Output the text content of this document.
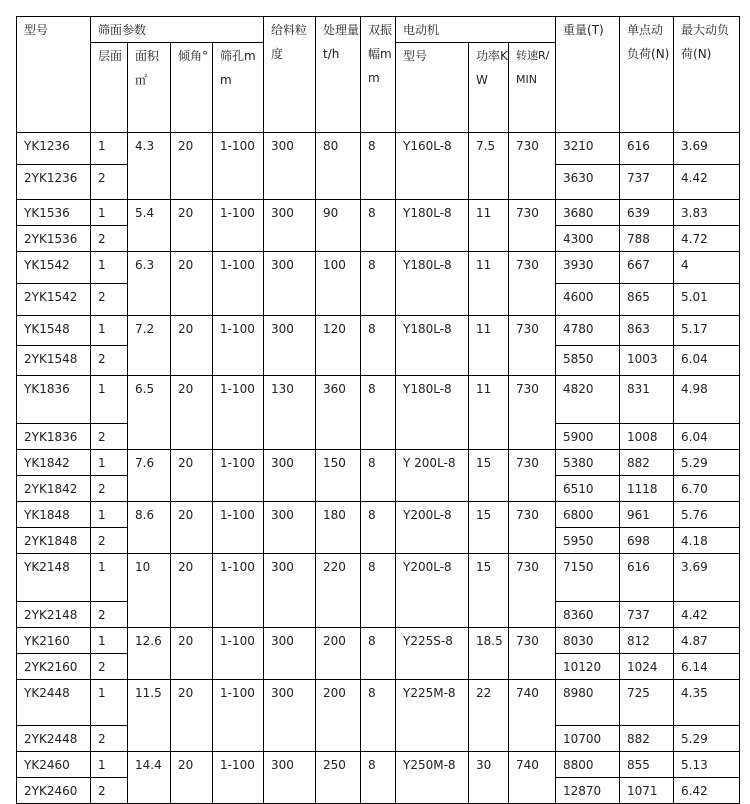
型号	筛面参数				给料粒度	处理量t/h	双振幅mm	电动机			重量(T)	单点动负荷(N)	最大动负荷(N)
	层面	面积㎡	倾角°	筛孔mm				型号	功率KW	转速R/MIN			
YK1236	1	4.3	20	1-100	300	80	8	Y160L-8	7.5	730	3210	616	3.69
2YK1236	2										3630	737	4.42
YK1536	1	5.4	20	1-100	300	90	8	Y180L-8	11	730	3680	639	3.83
2YK1536	2										4300	788	4.72
YK1542	1	6.3	20	1-100	300	100	8	Y180L-8	11	730	3930	667	4
2YK1542	2										4600	865	5.01
YK1548	1	7.2	20	1-100	300	120	8	Y180L-8	11	730	4780	863	5.17
2YK1548	2										5850	1003	6.04
YK1836	1	6.5	20	1-100	130	360	8	Y180L-8	11	730	4820	831	4.98
2YK1836	2										5900	1008	6.04
YK1842	1	7.6	20	1-100	300	150	8	Y 200L-8	15	730	5380	882	5.29
2YK1842	2										6510	1118	6.70
YK1848	1	8.6	20	1-100	300	180	8	Y200L-8	15	730	6800	961	5.76
2YK1848	2										5950	698	4.18
YK2148	1	10	20	1-100	300	220	8	Y200L-8	15	730	7150	616	3.69
2YK2148	2										8360	737	4.42
YK2160	1	12.6	20	1-100	300	200	8	Y225S-8	18.5	730	8030	812	4.87
2YK2160	2										10120	1024	6.14
YK2448	1	11.5	20	1-100	300	200	8	Y225M-8	22	740	8980	725	4.35
2YK2448	2										10700	882	5.29
YK2460	1	14.4	20	1-100	300	250	8	Y250M-8	30	740	8800	855	5.13
2YK2460	2										12870	1071	6.42
